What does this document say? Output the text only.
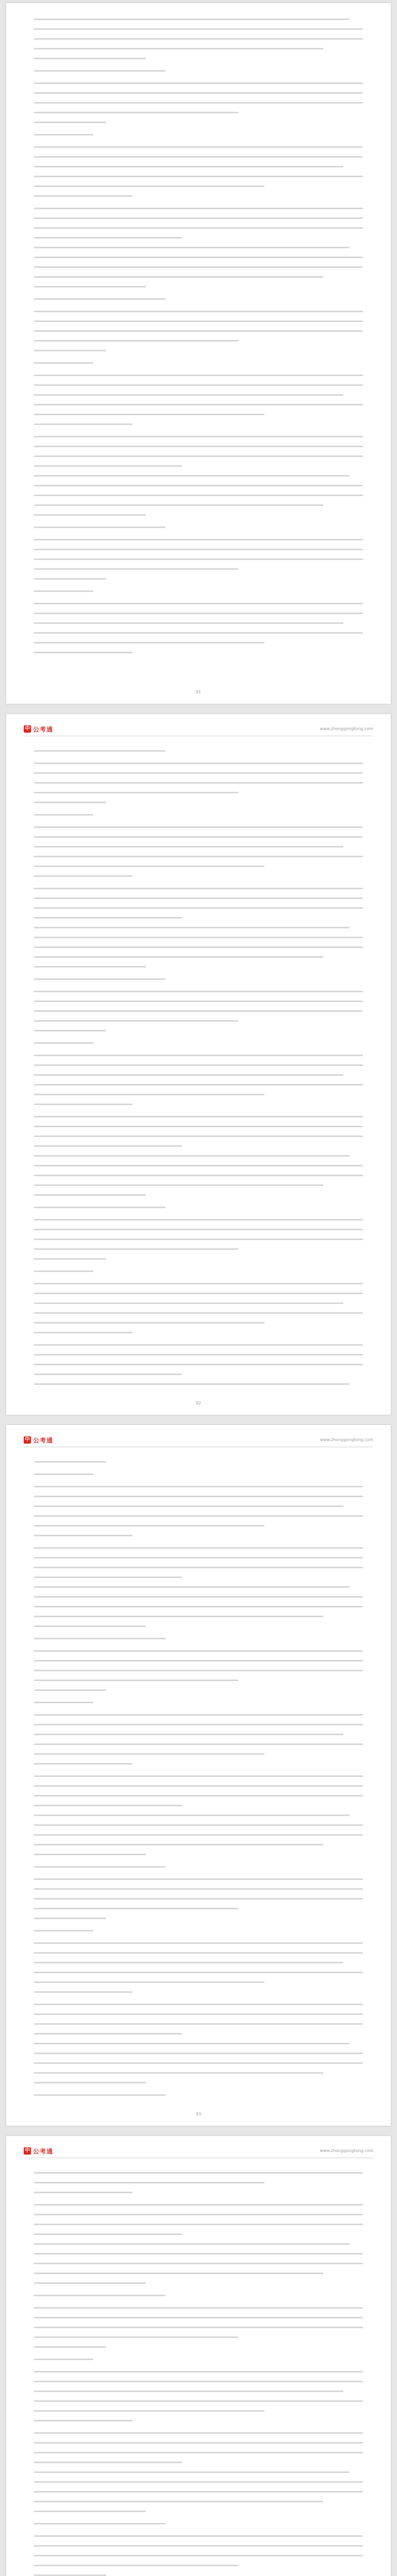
91
中 公考通	www.zhonggongtong.com
92
中 公考通	www.zhonggongtong.com
93
中 公考通	www.zhonggongtong.com
